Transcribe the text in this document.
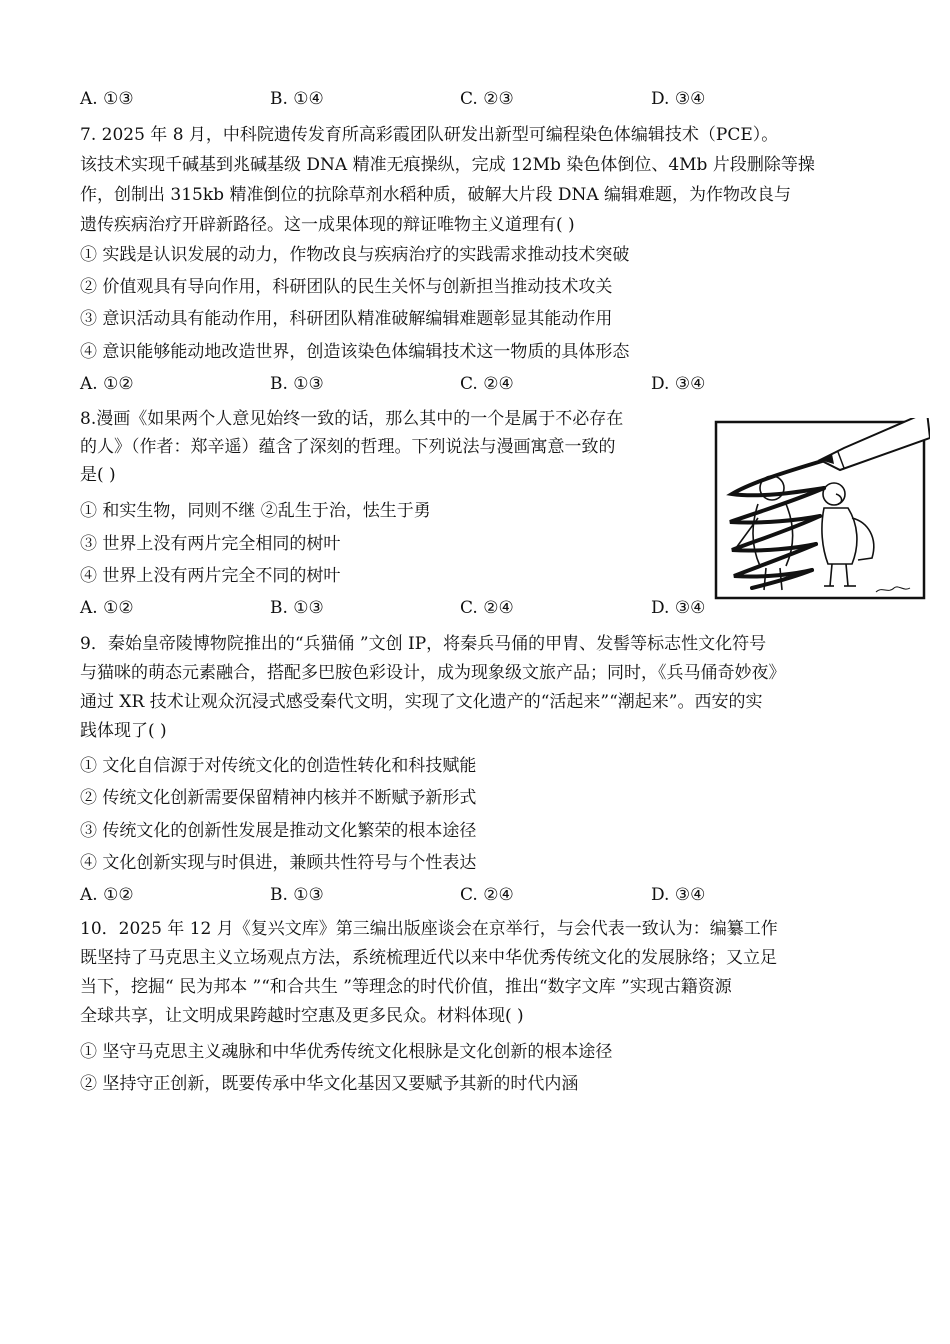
A. ①③	B. ①④	C. ②③	D. ③④
7. 2025 年 8 月，中科院遗传发育所高彩霞团队研发出新型可编程染色体编辑技术（PCE）。
该技术实现千碱基到兆碱基级 DNA 精准无痕操纵，完成 12Mb 染色体倒位、4Mb 片段删除等操
作，创制出 315kb 精准倒位的抗除草剂水稻种质，破解大片段 DNA 编辑难题，为作物改良与
遗传疾病治疗开辟新路径。这一成果体现的辩证唯物主义道理有( )
① 实践是认识发展的动力，作物改良与疾病治疗的实践需求推动技术突破
② 价值观具有导向作用，科研团队的民生关怀与创新担当推动技术攻关
③ 意识活动具有能动作用，科研团队精准破解编辑难题彰显其能动作用
④ 意识能够能动地改造世界，创造该染色体编辑技术这一物质的具体形态
A. ①②	B. ①③	C. ②④	D. ③④
8.漫画《如果两个人意见始终一致的话，那么其中的一个是属于不必存在
的人》（作者：郑辛遥）蕴含了深刻的哲理。下列说法与漫画寓意一致的
是( )
① 和实生物，同则不继 ②乱生于治，怯生于勇
③ 世界上没有两片完全相同的树叶
④ 世界上没有两片完全不同的树叶
A. ①②	B. ①③	C. ②④	D. ③④
9．秦始皇帝陵博物院推出的“兵猫俑 ”文创 IP，将秦兵马俑的甲胄、发髻等标志性文化符号
与猫咪的萌态元素融合，搭配多巴胺色彩设计，成为现象级文旅产品；同时，《兵马俑奇妙夜》
通过 XR 技术让观众沉浸式感受秦代文明，实现了文化遗产的“活起来”“潮起来”。西安的实
践体现了( )
① 文化自信源于对传统文化的创造性转化和科技赋能
② 传统文化创新需要保留精神内核并不断赋予新形式
③ 传统文化的创新性发展是推动文化繁荣的根本途径
④ 文化创新实现与时俱进，兼顾共性符号与个性表达
A. ①②	B. ①③	C. ②④	D. ③④
10．2025 年 12 月《复兴文库》第三编出版座谈会在京举行，与会代表一致认为：编纂工作
既坚持了马克思主义立场观点方法，系统梳理近代以来中华优秀传统文化的发展脉络；又立足
当下，挖掘“ 民为邦本 ”“和合共生 ”等理念的时代价值，推出“数字文库 ”实现古籍资源
全球共享，让文明成果跨越时空惠及更多民众。材料体现( )
① 坚守马克思主义魂脉和中华优秀传统文化根脉是文化创新的根本途径
② 坚持守正创新，既要传承中华文化基因又要赋予其新的时代内涵
